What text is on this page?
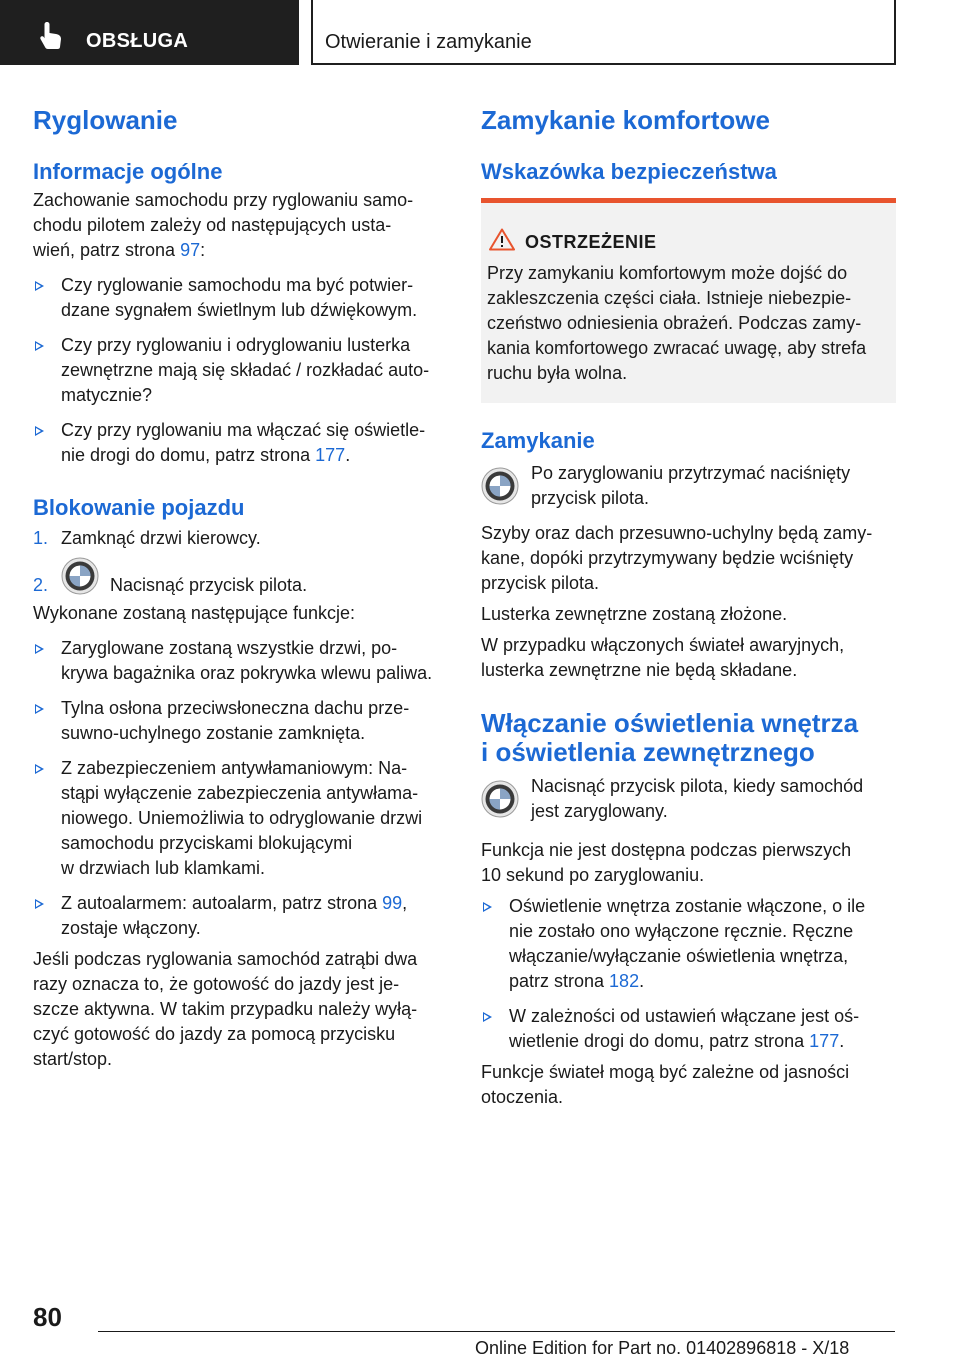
OBSŁUGA	Otwieranie i zamykanie
Ryglowanie
Informacje ogólne
Zachowanie samochodu przy ryglowaniu samo-
chodu pilotem zależy od następujących usta-
wień, patrz strona 97:
Czy ryglowanie samochodu ma być potwier-
dzane sygnałem świetlnym lub dźwiękowym.
Czy przy ryglowaniu i odryglowaniu lusterka
zewnętrzne mają się składać / rozkładać auto-
matycznie?
Czy przy ryglowaniu ma włączać się oświetle-
nie drogi do domu, patrz strona 177.
Blokowanie pojazdu
1. Zamknąć drzwi kierowcy.
2.	Nacisnąć przycisk pilota.
Wykonane zostaną następujące funkcje:
Zaryglowane zostaną wszystkie drzwi, po-
krywa bagażnika oraz pokrywka wlewu paliwa.
Tylna osłona przeciwsłoneczna dachu prze-
suwno-uchylnego zostanie zamknięta.
Z zabezpieczeniem antywłamaniowym: Na-
stąpi wyłączenie zabezpieczenia antywłama-
niowego. Uniemożliwia to odryglowanie drzwi
samochodu przyciskami blokującymi
w drzwiach lub klamkami.
Z autoalarmem: autoalarm, patrz strona 99,
zostaje włączony.
Jeśli podczas ryglowania samochód zatrąbi dwa
razy oznacza to, że gotowość do jazdy jest je-
szcze aktywna. W takim przypadku należy wyłą-
czyć gotowość do jazdy za pomocą przycisku
start/stop.
Zamykanie komfortowe
Wskazówka bezpieczeństwa
OSTRZEŻENIE
Przy zamykaniu komfortowym może dojść do
zakleszczenia części ciała. Istnieje niebezpie-
czeństwo odniesienia obrażeń. Podczas zamy-
kania komfortowego zwracać uwagę, aby strefa
ruchu była wolna.
Zamykanie
Po zaryglowaniu przytrzymać naciśnięty
przycisk pilota.
Szyby oraz dach przesuwno-uchylny będą zamy-
kane, dopóki przytrzymywany będzie wciśnięty
przycisk pilota.
Lusterka zewnętrzne zostaną złożone.
W przypadku włączonych świateł awaryjnych,
lusterka zewnętrzne nie będą składane.
Włączanie oświetlenia wnętrza
i oświetlenia zewnętrznego
Nacisnąć przycisk pilota, kiedy samochód
jest zaryglowany.
Funkcja nie jest dostępna podczas pierwszych
10 sekund po zaryglowaniu.
Oświetlenie wnętrza zostanie włączone, o ile
nie zostało ono wyłączone ręcznie. Ręczne
włączanie/wyłączanie oświetlenia wnętrza,
patrz strona 182.
W zależności od ustawień włączane jest oś-
wietlenie drogi do domu, patrz strona 177.
Funkcje świateł mogą być zależne od jasności
otoczenia.
80
Online Edition for Part no. 01402896818 - X/18
